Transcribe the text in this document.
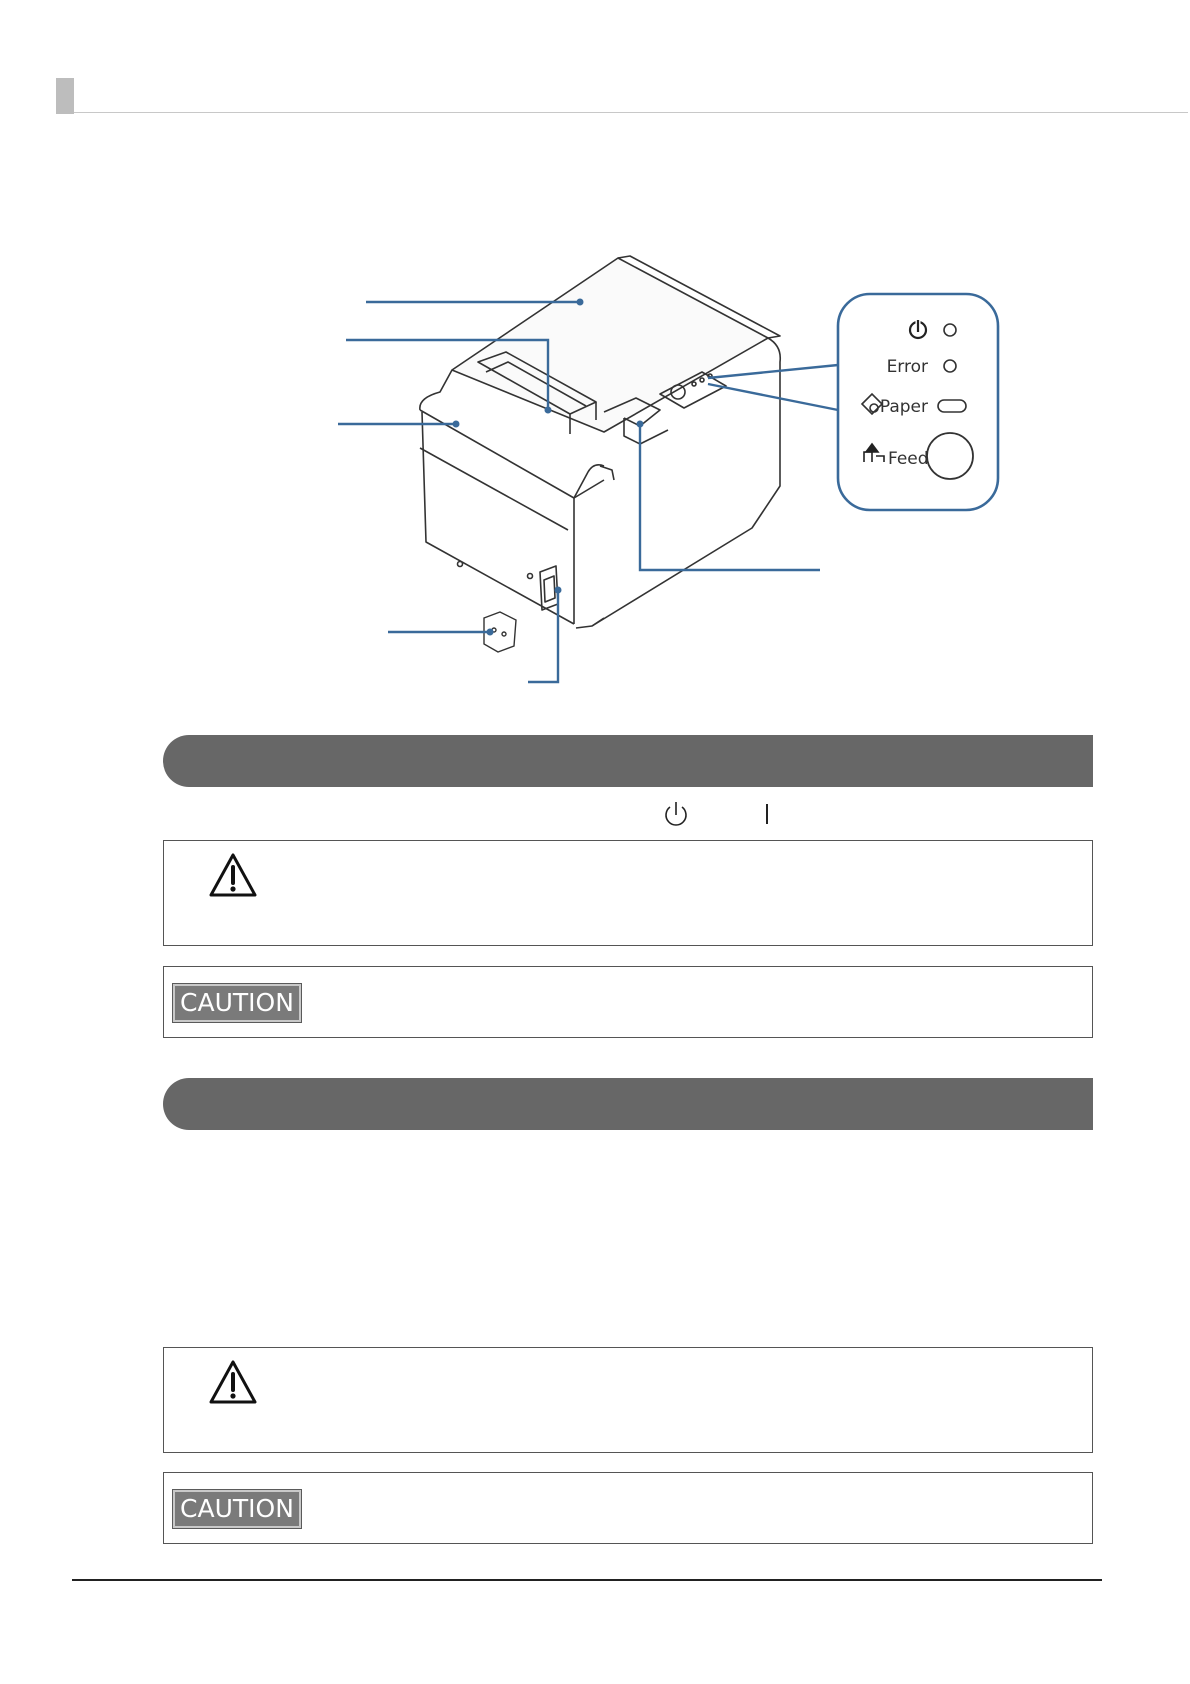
Error
Paper
Feed
CAUTION
CAUTION
